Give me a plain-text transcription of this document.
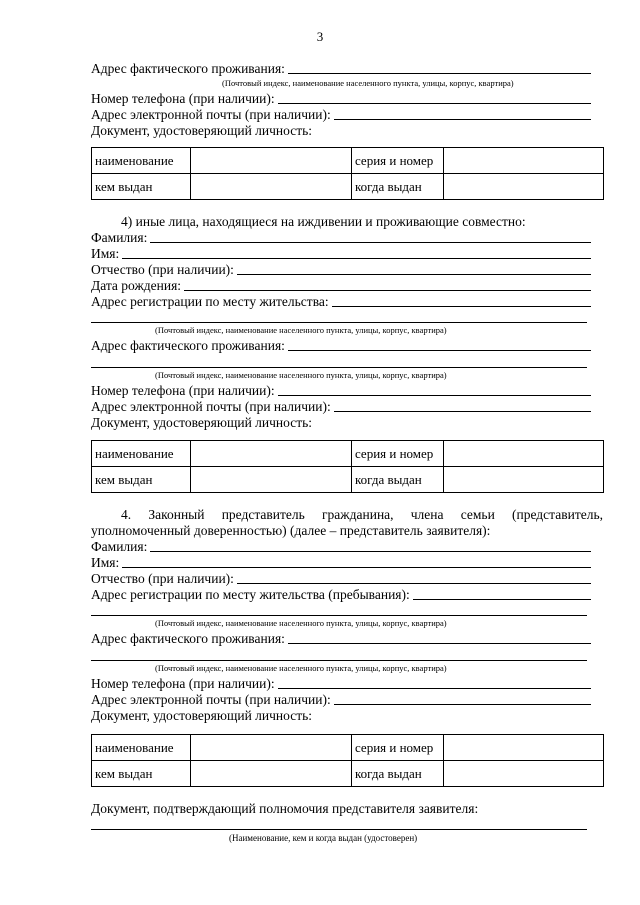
3
Адрес фактического проживания:
(Почтовый индекс, наименование населенного пункта, улицы, корпус, квартира)
Номер телефона (при наличии):
Адрес электронной почты (при наличии):
Документ, удостоверяющий личность:
наименование		серия и номер	
кем выдан		когда выдан	
4) иные лица, находящиеся на иждивении и проживающие совместно:
Фамилия:
Имя:
Отчество (при наличии):
Дата рождения:
Адрес регистрации по месту жительства:
(Почтовый индекс, наименование населенного пункта, улицы, корпус, квартира)
Адрес фактического проживания:
(Почтовый индекс, наименование населенного пункта, улицы, корпус, квартира)
Номер телефона (при наличии):
Адрес электронной почты (при наличии):
Документ, удостоверяющий личность:
наименование		серия и номер	
кем выдан		когда выдан	
4. Законный представитель гражданина, члена семьи (представитель,
уполномоченный доверенностью) (далее – представитель заявителя):
Фамилия:
Имя:
Отчество (при наличии):
Адрес регистрации по месту жительства (пребывания):
(Почтовый индекс, наименование населенного пункта, улицы, корпус, квартира)
Адрес фактического проживания:
(Почтовый индекс, наименование населенного пункта, улицы, корпус, квартира)
Номер телефона (при наличии):
Адрес электронной почты (при наличии):
Документ, удостоверяющий личность:
наименование		серия и номер	
кем выдан		когда выдан	
Документ, подтверждающий полномочия представителя заявителя:
(Наименование, кем и когда выдан (удостоверен)
